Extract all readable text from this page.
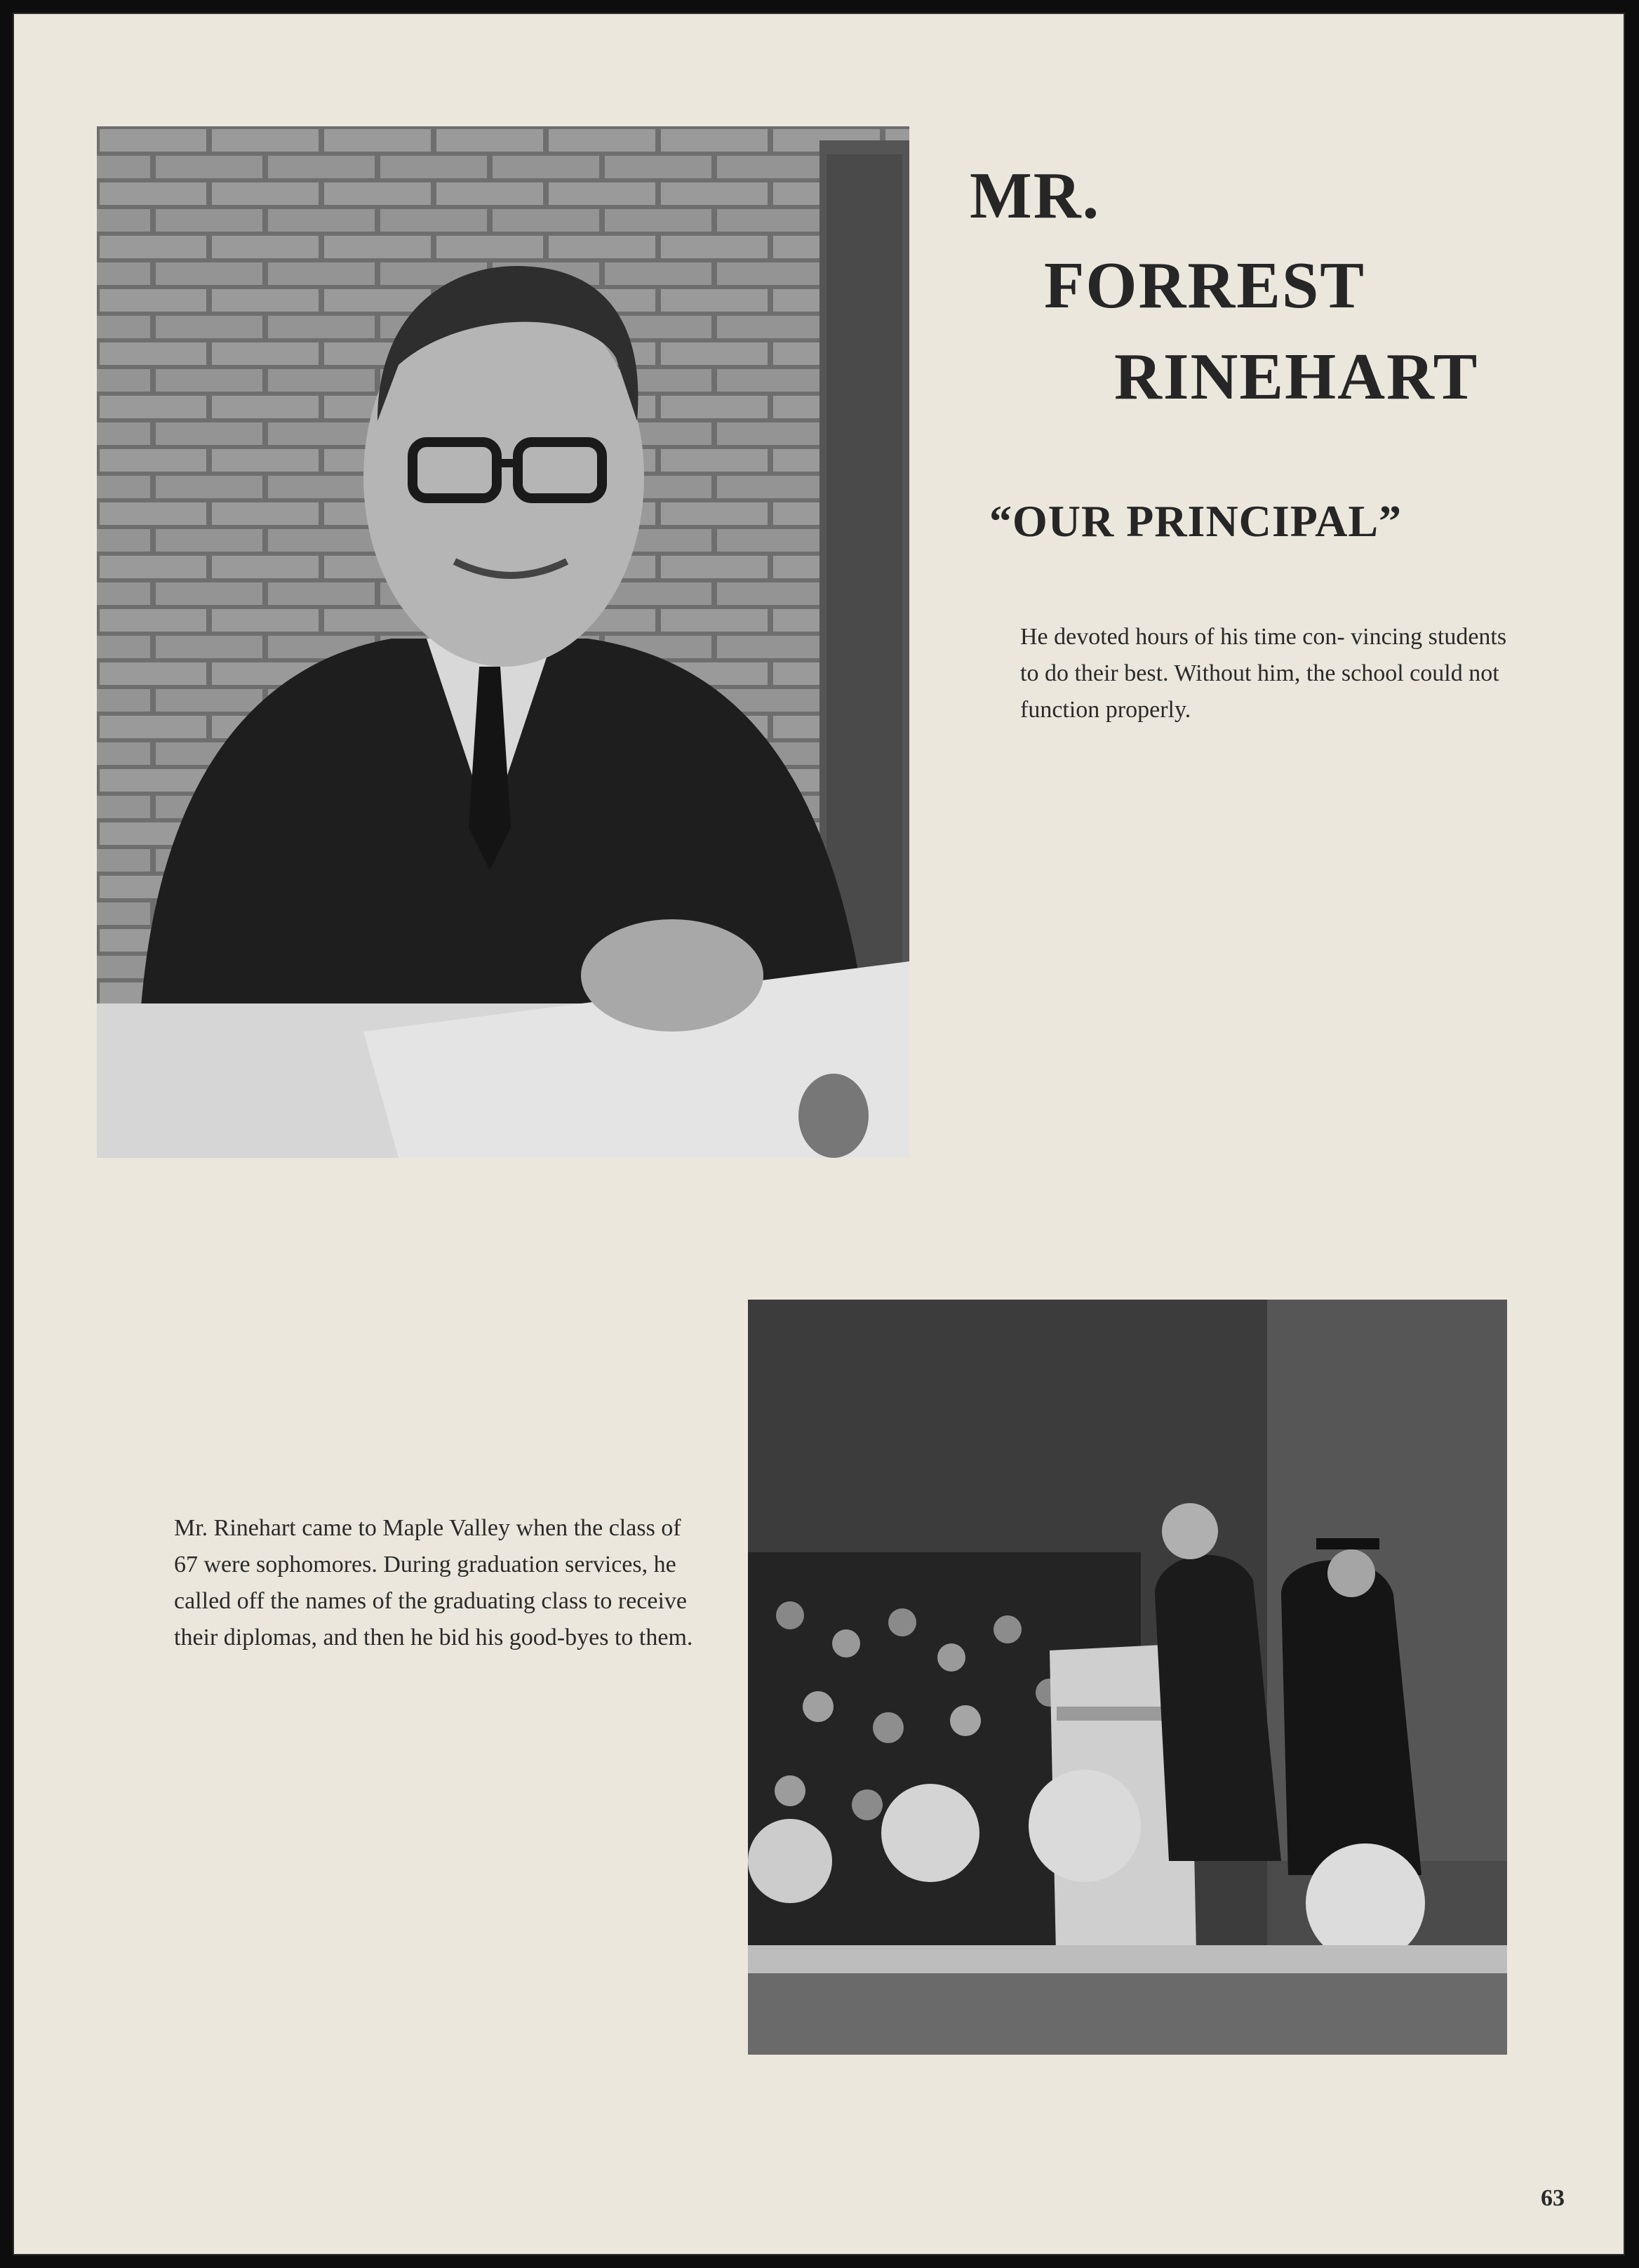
MR.
FORREST
RINEHART
“OUR PRINCIPAL”

He devoted hours of his time con- vincing students to do their best. Without him, the school could not function properly.

Mr. Rinehart came to Maple Valley when the class of 67 were sophomores. During graduation services, he called off the names of the graduating class to receive their diplomas, and then he bid his good-byes to them.

63
